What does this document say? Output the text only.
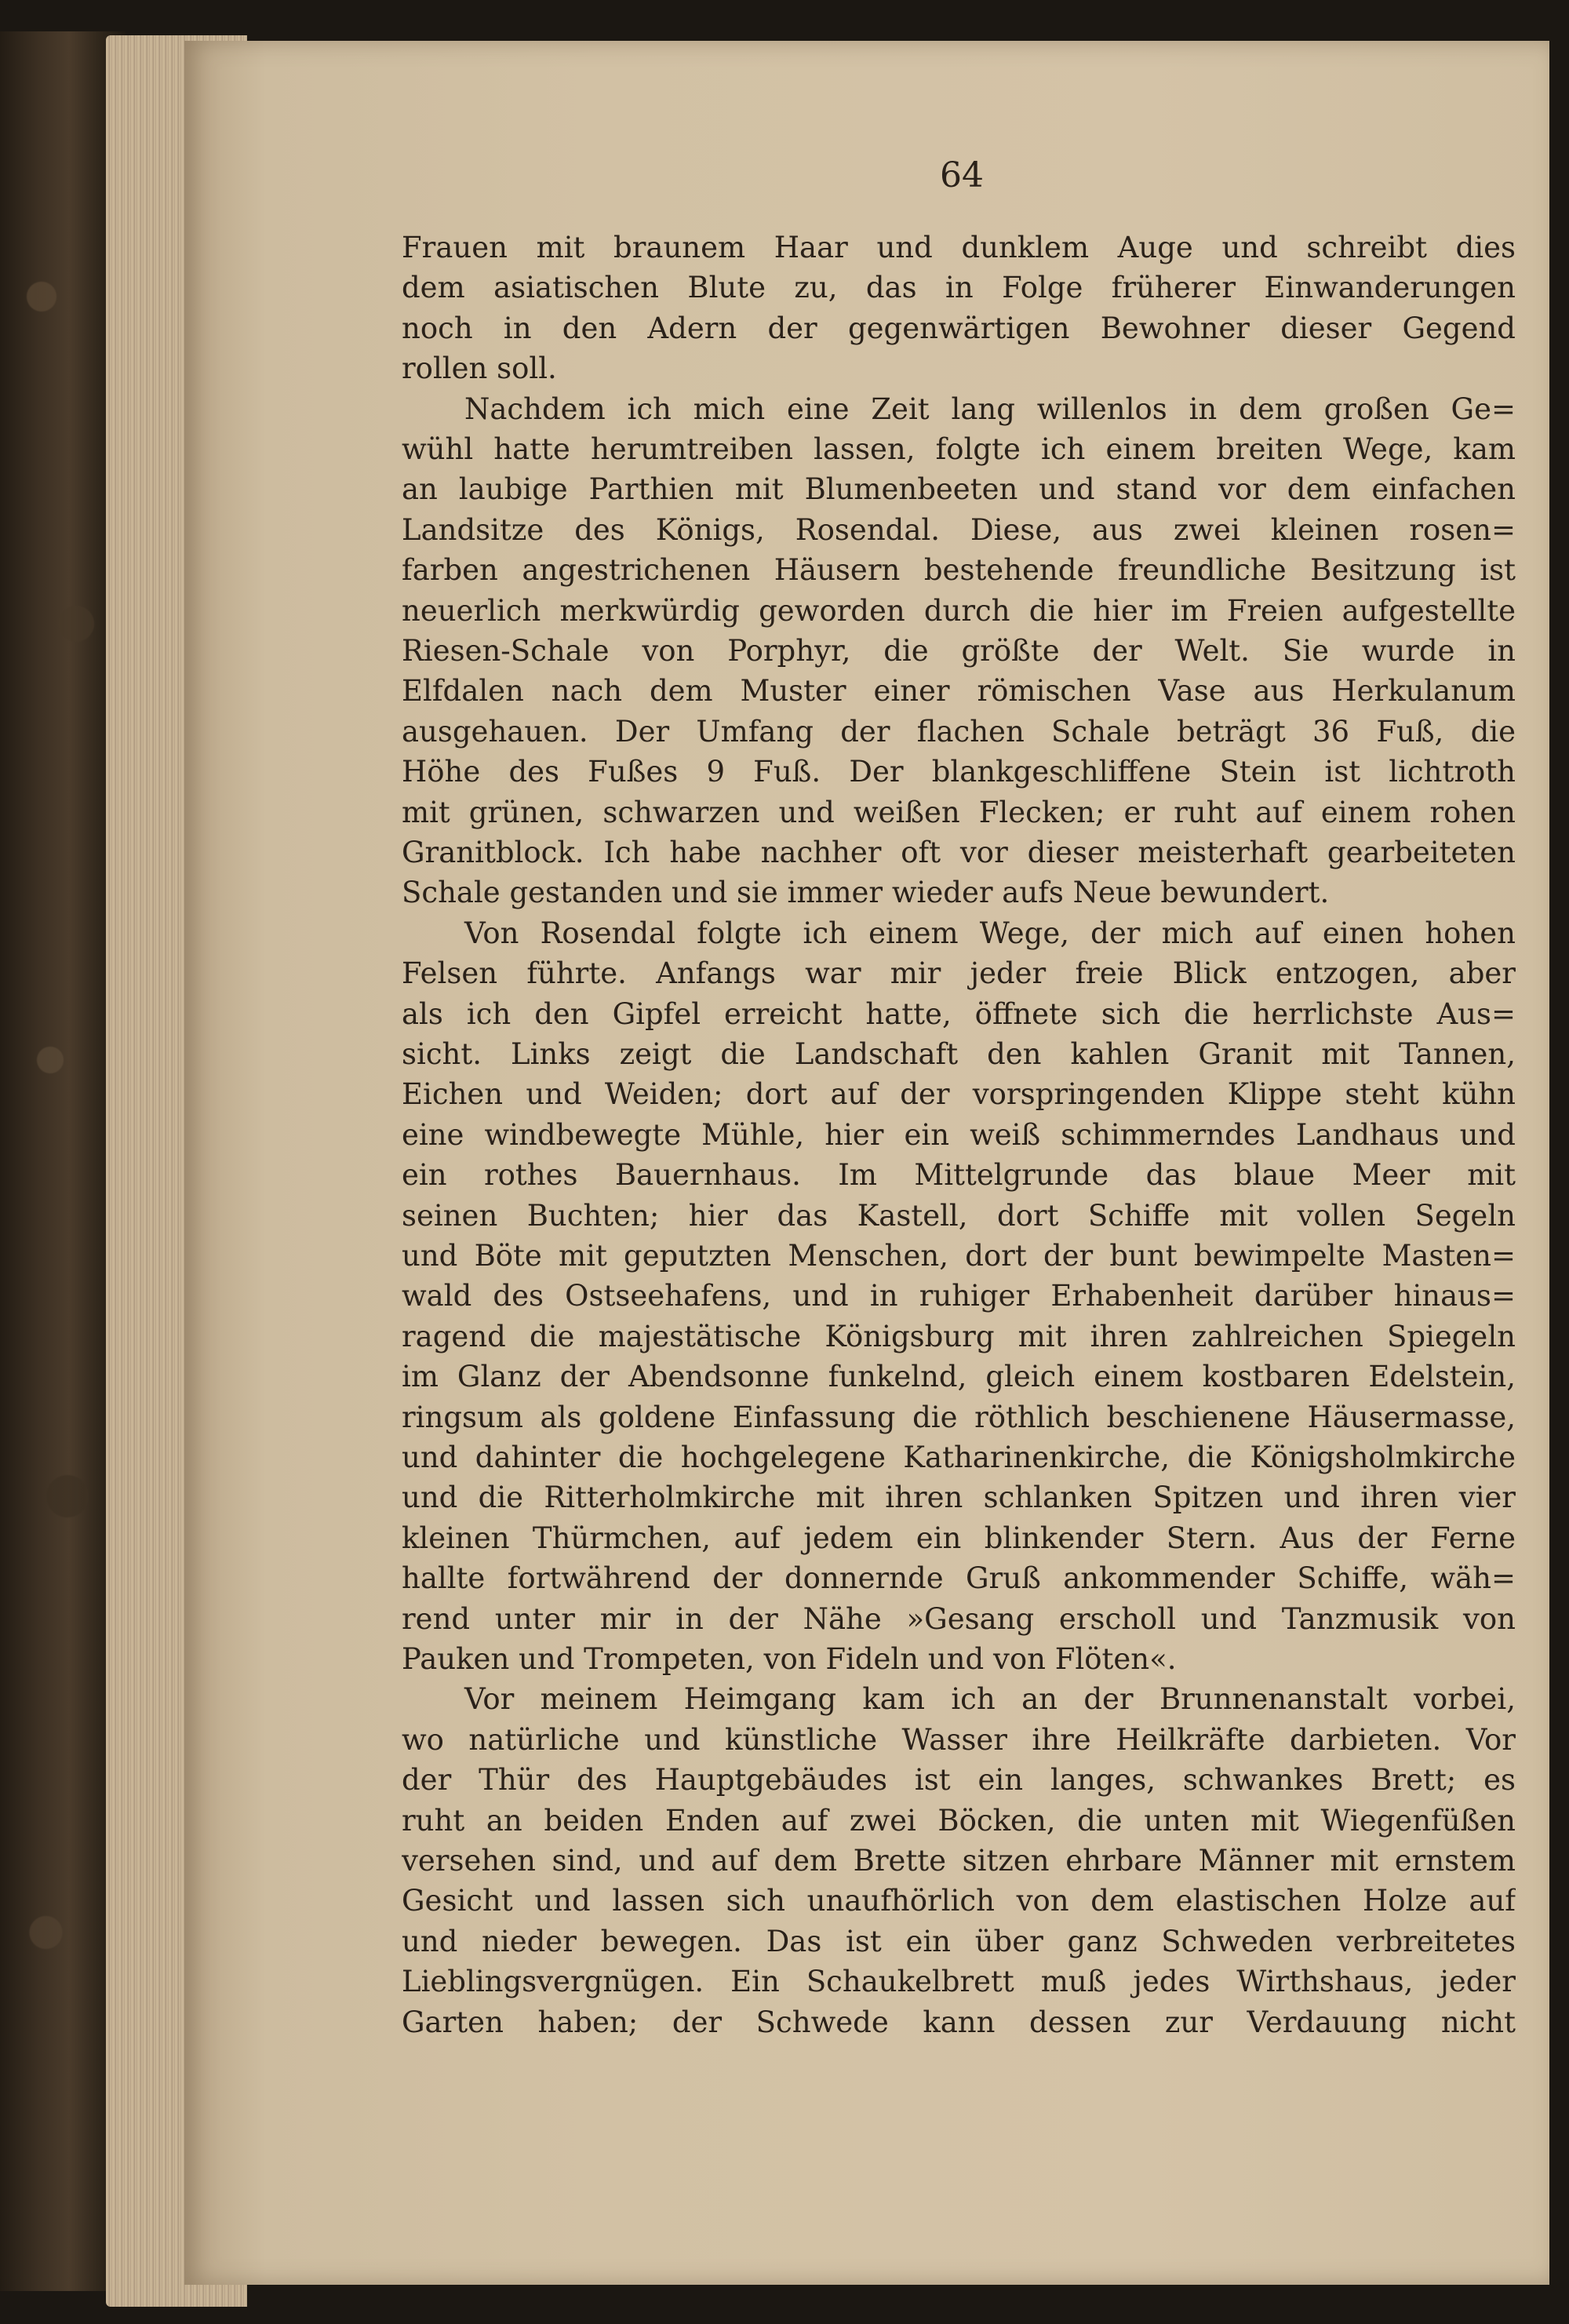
64
Frauen mit braunem Haar und dunklem Auge und schreibt dies
dem asiatischen Blute zu, das in Folge früherer Einwanderungen
noch in den Adern der gegenwärtigen Bewohner dieser Gegend
rollen soll.
Nachdem ich mich eine Zeit lang willenlos in dem großen Ge=
wühl hatte herumtreiben lassen, folgte ich einem breiten Wege, kam
an laubige Parthien mit Blumenbeeten und stand vor dem einfachen
Landsitze des Königs, Rosendal. Diese, aus zwei kleinen rosen=
farben angestrichenen Häusern bestehende freundliche Besitzung ist
neuerlich merkwürdig geworden durch die hier im Freien aufgestellte
Riesen-Schale von Porphyr, die größte der Welt. Sie wurde in
Elfdalen nach dem Muster einer römischen Vase aus Herkulanum
ausgehauen. Der Umfang der flachen Schale beträgt 36 Fuß, die
Höhe des Fußes 9 Fuß. Der blankgeschliffene Stein ist lichtroth
mit grünen, schwarzen und weißen Flecken; er ruht auf einem rohen
Granitblock. Ich habe nachher oft vor dieser meisterhaft gearbeiteten
Schale gestanden und sie immer wieder aufs Neue bewundert.
Von Rosendal folgte ich einem Wege, der mich auf einen hohen
Felsen führte. Anfangs war mir jeder freie Blick entzogen, aber
als ich den Gipfel erreicht hatte, öffnete sich die herrlichste Aus=
sicht. Links zeigt die Landschaft den kahlen Granit mit Tannen,
Eichen und Weiden; dort auf der vorspringenden Klippe steht kühn
eine windbewegte Mühle, hier ein weiß schimmerndes Landhaus und
ein rothes Bauernhaus. Im Mittelgrunde das blaue Meer mit
seinen Buchten; hier das Kastell, dort Schiffe mit vollen Segeln
und Böte mit geputzten Menschen, dort der bunt bewimpelte Masten=
wald des Ostseehafens, und in ruhiger Erhabenheit darüber hinaus=
ragend die majestätische Königsburg mit ihren zahlreichen Spiegeln
im Glanz der Abendsonne funkelnd, gleich einem kostbaren Edelstein,
ringsum als goldene Einfassung die röthlich beschienene Häusermasse,
und dahinter die hochgelegene Katharinenkirche, die Königsholmkirche
und die Ritterholmkirche mit ihren schlanken Spitzen und ihren vier
kleinen Thürmchen, auf jedem ein blinkender Stern. Aus der Ferne
hallte fortwährend der donnernde Gruß ankommender Schiffe, wäh=
rend unter mir in der Nähe »Gesang erscholl und Tanzmusik von
Pauken und Trompeten, von Fideln und von Flöten«.
Vor meinem Heimgang kam ich an der Brunnenanstalt vorbei,
wo natürliche und künstliche Wasser ihre Heilkräfte darbieten. Vor
der Thür des Hauptgebäudes ist ein langes, schwankes Brett; es
ruht an beiden Enden auf zwei Böcken, die unten mit Wiegenfüßen
versehen sind, und auf dem Brette sitzen ehrbare Männer mit ernstem
Gesicht und lassen sich unaufhörlich von dem elastischen Holze auf
und nieder bewegen. Das ist ein über ganz Schweden verbreitetes
Lieblingsvergnügen. Ein Schaukelbrett muß jedes Wirthshaus, jeder
Garten haben; der Schwede kann dessen zur Verdauung nicht
